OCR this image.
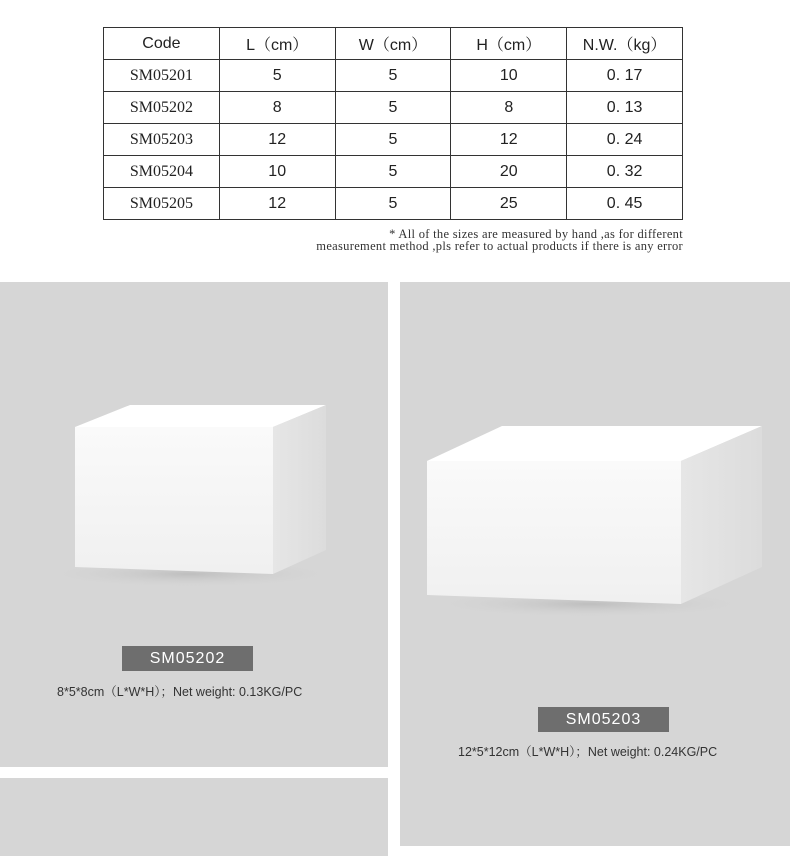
Code	L（cm）	W（cm）	H（cm）	N.W.（kg）
SM05201	5	5	10	0. 17
SM05202	8	5	8	0. 13
SM05203	12	5	12	0. 24
SM05204	10	5	20	0. 32
SM05205	12	5	25	0. 45
* All of the sizes are measured by hand ,as for different
measurement method ,pls refer to actual products if there is any error
SM05202
8*5*8cm（L*W*H）；Net weight: 0.13KG/PC
SM05203
12*5*12cm（L*W*H）；Net weight: 0.24KG/PC
